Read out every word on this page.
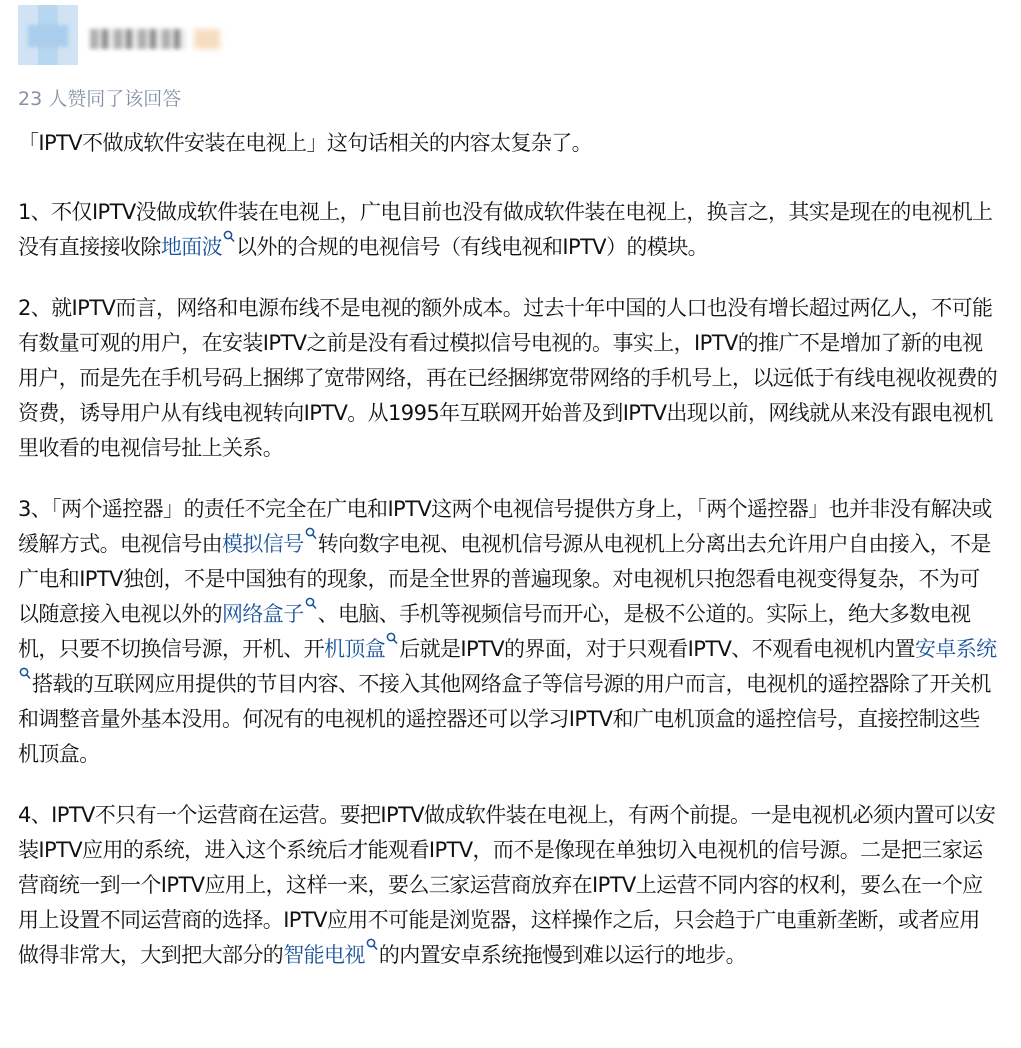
23 人赞同了该回答

「IPTV不做成软件安装在电视上」这句话相关的内容太复杂了。

1、不仅IPTV没做成软件装在电视上，广电目前也没有做成软件装在电视上，换言之，其实是现在的电视机上没有直接接收除地面波 以外的合规的电视信号（有线电视和IPTV）的模块。

2、就IPTV而言，网络和电源布线不是电视的额外成本。过去十年中国的人口也没有增长超过两亿人，不可能有数量可观的用户，在安装IPTV之前是没有看过模拟信号电视的。事实上，IPTV的推广不是增加了新的电视用户，而是先在手机号码上捆绑了宽带网络，再在已经捆绑宽带网络的手机号上，以远低于有线电视收视费的资费，诱导用户从有线电视转向IPTV。从1995年互联网开始普及到IPTV出现以前，网线就从来没有跟电视机里收看的电视信号扯上关系。

3、「两个遥控器」的责任不完全在广电和IPTV这两个电视信号提供方身上，「两个遥控器」也并非没有解决或缓解方式。电视信号由模拟信号 转向数字电视、电视机信号源从电视机上分离出去允许用户自由接入，不是广电和IPTV独创，不是中国独有的现象，而是全世界的普遍现象。对电视机只抱怨看电视变得复杂，不为可以随意接入电视以外的网络盒子 、电脑、手机等视频信号而开心，是极不公道的。实际上，绝大多数电视机，只要不切换信号源，开机、开机顶盒 后就是IPTV的界面，对于只观看IPTV、不观看电视机内置安卓系统搭载的互联网应用提供的节目内容、不接入其他网络盒子等信号源的用户而言，电视机的遥控器除了开关机和调整音量外基本没用。何况有的电视机的遥控器还可以学习IPTV和广电机顶盒的遥控信号，直接控制这些机顶盒。

4、IPTV不只有一个运营商在运营。要把IPTV做成软件装在电视上，有两个前提。一是电视机必须内置可以安装IPTV应用的系统，进入这个系统后才能观看IPTV，而不是像现在单独切入电视机的信号源。二是把三家运营商统一到一个IPTV应用上，这样一来，要么三家运营商放弃在IPTV上运营不同内容的权利，要么在一个应用上设置不同运营商的选择。IPTV应用不可能是浏览器，这样操作之后，只会趋于广电重新垄断，或者应用做得非常大，大到把大部分的智能电视 的内置安卓系统拖慢到难以运行的地步。
